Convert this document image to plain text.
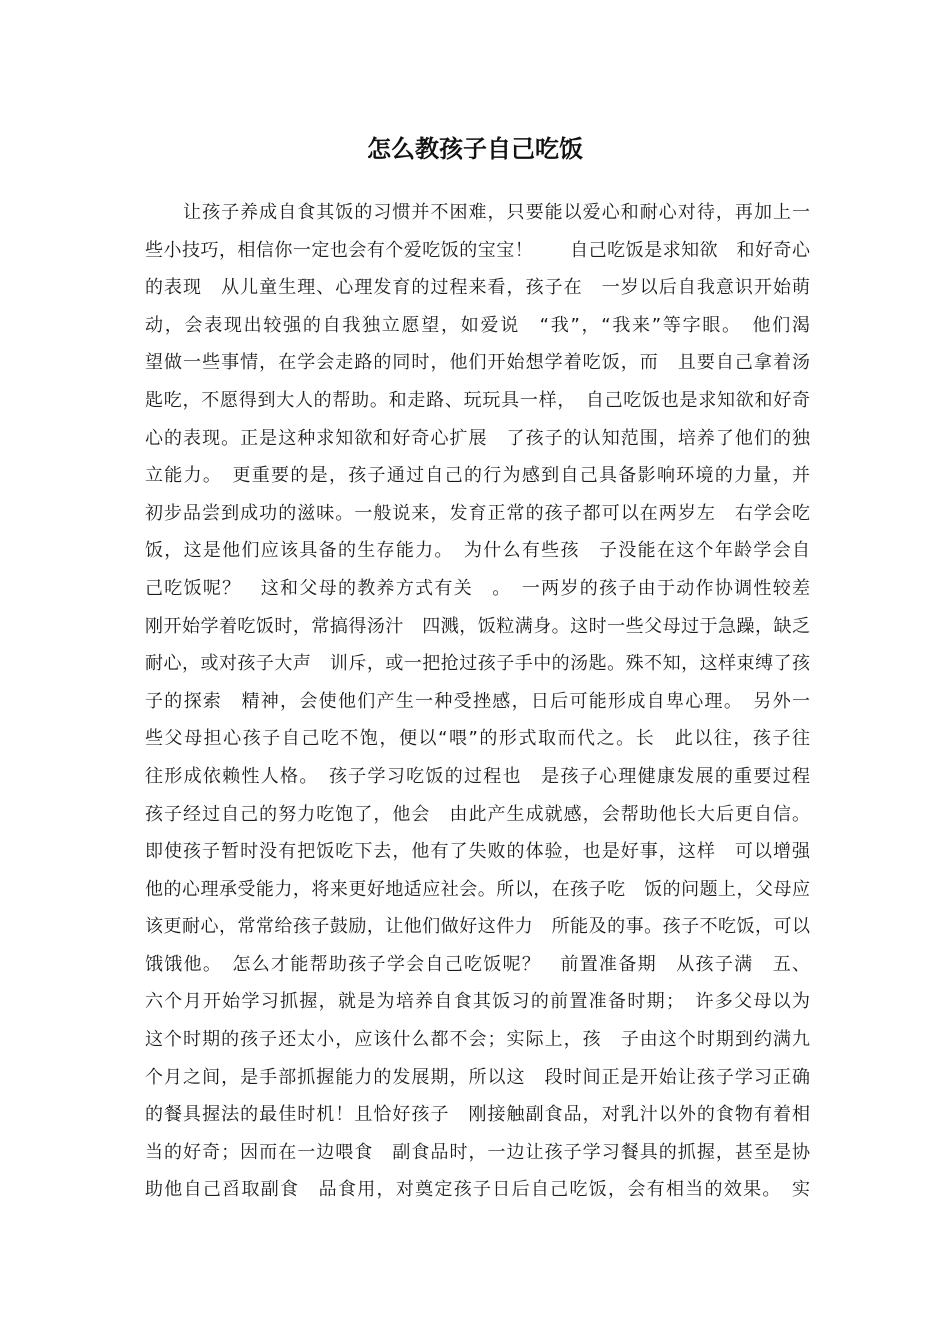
怎么教孩子自己吃饭
　　让孩子养成自食其饭的习惯并不困难，只要能以爱心和耐心对待，再加上一
些小技巧，相信你一定也会有个爱吃饭的宝宝！　　自己吃饭是求知欲　和好奇心
的表现　从儿童生理、心理发育的过程来看，孩子在　一岁以后自我意识开始萌
动，会表现出较强的自我独立愿望，如爱说　“我”，“我来”等字眼。　他们渴
望做一些事情，在学会走路的同时，他们开始想学着吃饭，而　且要自己拿着汤
匙吃，不愿得到大人的帮助。和走路、玩玩具一样，　自己吃饭也是求知欲和好奇
心的表现。正是这种求知欲和好奇心扩展　了孩子的认知范围，培养了他们的独
立能力。　更重要的是，孩子通过自己的行为感到自己具备影响环境的力量，并
初步品尝到成功的滋味。一般说来，发育正常的孩子都可以在两岁左　右学会吃
饭，这是他们应该具备的生存能力。　为什么有些孩　子没能在这个年龄学会自
己吃饭呢？　这和父母的教养方式有关　。　一两岁的孩子由于动作协调性较差
刚开始学着吃饭时，常搞得汤汁　四溅，饭粒满身。这时一些父母过于急躁，缺乏
耐心，或对孩子大声　训斥，或一把抢过孩子手中的汤匙。殊不知，这样束缚了孩
子的探索　精神，会使他们产生一种受挫感，日后可能形成自卑心理。　另外一
些父母担心孩子自己吃不饱，便以“喂”的形式取而代之。长　此以往，孩子往
往形成依赖性人格。　孩子学习吃饭的过程也　是孩子心理健康发展的重要过程
孩子经过自己的努力吃饱了，他会　由此产生成就感，会帮助他长大后更自信。
即使孩子暂时没有把饭吃下去，他有了失败的体验，也是好事，这样　可以增强
他的心理承受能力，将来更好地适应社会。所以，在孩子吃　饭的问题上，父母应
该更耐心，常常给孩子鼓励，让他们做好这件力　所能及的事。孩子不吃饭，可以
饿饿他。　怎么才能帮助孩子学会自己吃饭呢？　前置准备期　从孩子满　五、
六个月开始学习抓握，就是为培养自食其饭习的前置准备时期；　许多父母以为
这个时期的孩子还太小，应该什么都不会；实际上，孩　子由这个时期到约满九
个月之间，是手部抓握能力的发展期，所以这　段时间正是开始让孩子学习正确
的餐具握法的最佳时机！且恰好孩子　刚接触副食品，对乳汁以外的食物有着相
当的好奇；因而在一边喂食　副食品时，一边让孩子学习餐具的抓握，甚至是协
助他自己舀取副食　品食用，对奠定孩子日后自己吃饭，会有相当的效果。　实
